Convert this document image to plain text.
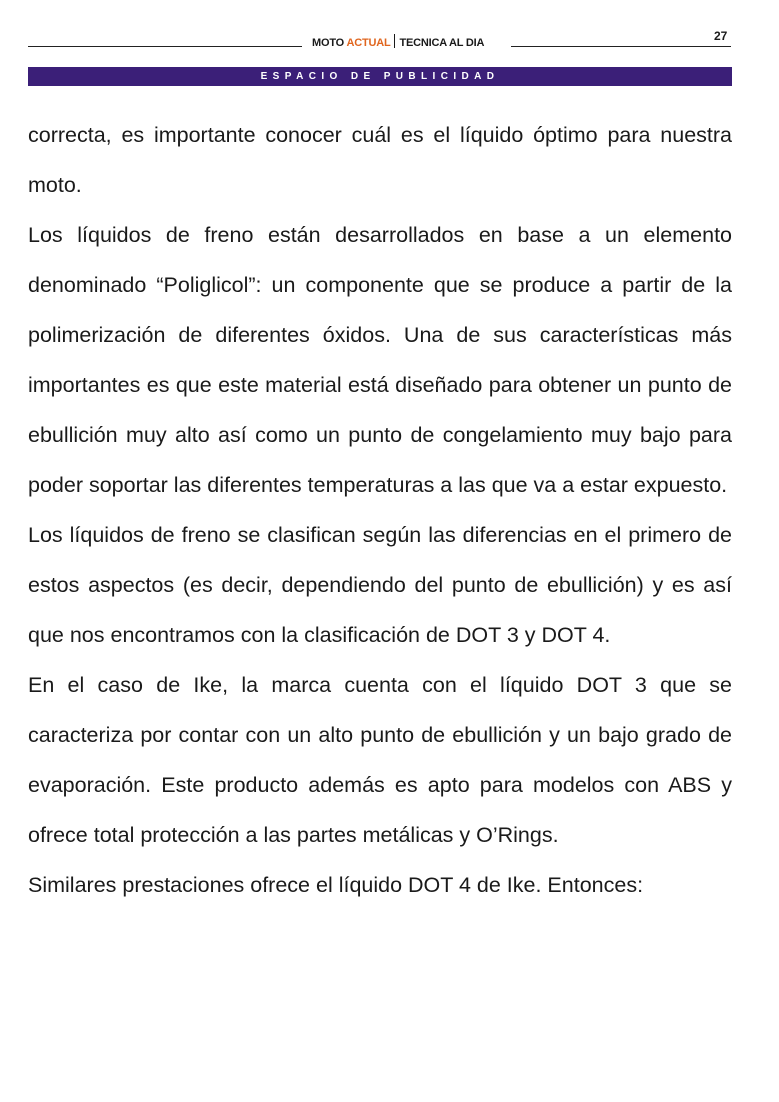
MOTO ACTUAL TECNICA AL DIA	27
ESPACIO DE PUBLICIDAD

correcta, es importante conocer cuál es el líquido óptimo para nuestra moto.

Los líquidos de freno están desarrollados en base a un elemento denominado “Poliglicol”: un componente que se produce a partir de la polimerización de diferentes óxidos. Una de sus características más importantes es que este material está diseñado para obtener un punto de ebullición muy alto así como un punto de congelamiento muy bajo para poder soportar las diferentes temperaturas a las que va a estar expuesto.

Los líquidos de freno se clasifican según las diferencias en el primero de estos aspectos (es decir, dependiendo del punto de ebullición) y es así que nos encontramos con la clasificación de DOT 3 y DOT 4.

En el caso de Ike, la marca cuenta con el líquido DOT 3 que se caracteriza por contar con un alto punto de ebullición y un bajo grado de evaporación. Este producto además es apto para modelos con ABS y ofrece total protección a las partes metálicas y O’Rings.

Similares prestaciones ofrece el líquido DOT 4 de Ike. Entonces:
